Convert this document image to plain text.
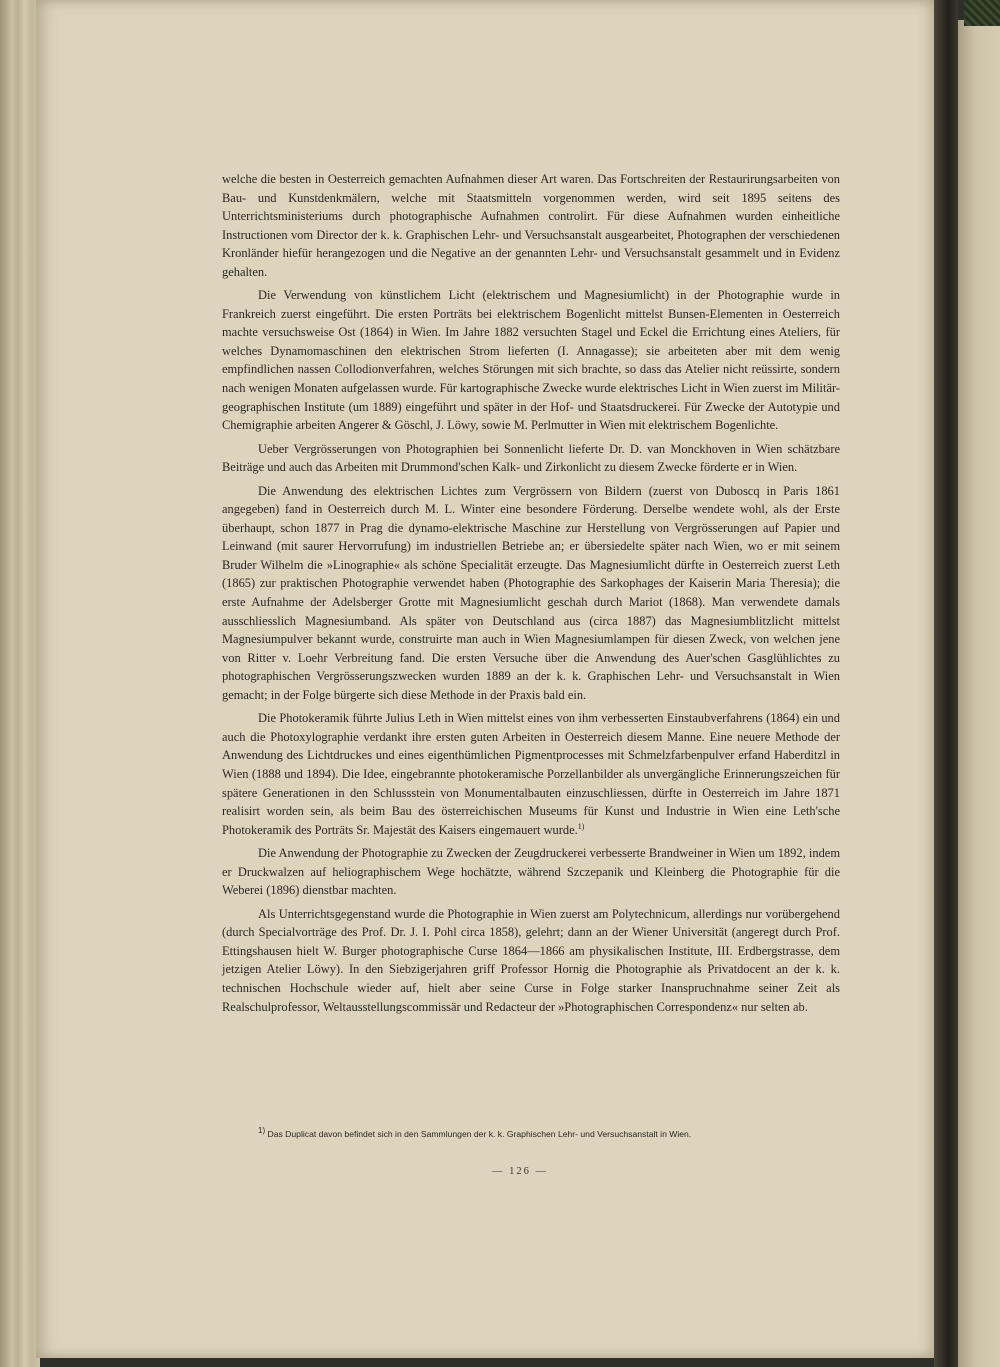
welche die besten in Oesterreich gemachten Aufnahmen dieser Art waren. Das Fortschreiten der Restaurirungsarbeiten von Bau- und Kunstdenkmälern, welche mit Staatsmitteln vorgenommen werden, wird seit 1895 seitens des Unterrichtsministeriums durch photographische Aufnahmen controlirt. Für diese Aufnahmen wurden einheitliche Instructionen vom Director der k. k. Graphischen Lehr- und Versuchsanstalt ausgearbeitet, Photographen der verschiedenen Kronländer hiefür herangezogen und die Negative an der genannten Lehr- und Versuchsanstalt gesammelt und in Evidenz gehalten.

Die Verwendung von künstlichem Licht (elektrischem und Magnesiumlicht) in der Photographie wurde in Frankreich zuerst eingeführt. Die ersten Porträts bei elektrischem Bogenlicht mittelst Bunsen-Elementen in Oesterreich machte versuchsweise Ost (1864) in Wien. Im Jahre 1882 versuchten Stagel und Eckel die Errichtung eines Ateliers, für welches Dynamomaschinen den elektrischen Strom lieferten (I. Annagasse); sie arbeiteten aber mit dem wenig empfindlichen nassen Collodionverfahren, welches Störungen mit sich brachte, so dass das Atelier nicht reüssirte, sondern nach wenigen Monaten aufgelassen wurde. Für kartographische Zwecke wurde elektrisches Licht in Wien zuerst im Militär-geographischen Institute (um 1889) eingeführt und später in der Hof- und Staatsdruckerei. Für Zwecke der Autotypie und Chemigraphie arbeiten Angerer & Göschl, J. Löwy, sowie M. Perlmutter in Wien mit elektrischem Bogenlichte.

Ueber Vergrösserungen von Photographien bei Sonnenlicht lieferte Dr. D. van Monckhoven in Wien schätzbare Beiträge und auch das Arbeiten mit Drummond'schen Kalk- und Zirkonlicht zu diesem Zwecke förderte er in Wien.

Die Anwendung des elektrischen Lichtes zum Vergrössern von Bildern (zuerst von Duboscq in Paris 1861 angegeben) fand in Oesterreich durch M. L. Winter eine besondere Förderung. Derselbe wendete wohl, als der Erste überhaupt, schon 1877 in Prag die dynamo-elektrische Maschine zur Herstellung von Vergrösserungen auf Papier und Leinwand (mit saurer Hervorrufung) im industriellen Betriebe an; er übersiedelte später nach Wien, wo er mit seinem Bruder Wilhelm die »Linographie« als schöne Specialität erzeugte. Das Magnesiumlicht dürfte in Oesterreich zuerst Leth (1865) zur praktischen Photographie verwendet haben (Photographie des Sarkophages der Kaiserin Maria Theresia); die erste Aufnahme der Adelsberger Grotte mit Magnesiumlicht geschah durch Mariot (1868). Man verwendete damals ausschliesslich Magnesiumband. Als später von Deutschland aus (circa 1887) das Magnesiumblitzlicht mittelst Magnesiumpulver bekannt wurde, construirte man auch in Wien Magnesiumlampen für diesen Zweck, von welchen jene von Ritter v. Loehr Verbreitung fand. Die ersten Versuche über die Anwendung des Auer'schen Gasglühlichtes zu photographischen Vergrösserungszwecken wurden 1889 an der k. k. Graphischen Lehr- und Versuchsanstalt in Wien gemacht; in der Folge bürgerte sich diese Methode in der Praxis bald ein.

Die Photokeramik führte Julius Leth in Wien mittelst eines von ihm verbesserten Einstaubverfahrens (1864) ein und auch die Photoxylographie verdankt ihre ersten guten Arbeiten in Oesterreich diesem Manne. Eine neuere Methode der Anwendung des Lichtdruckes und eines eigenthümlichen Pigmentprocesses mit Schmelzfarbenpulver erfand Haberditzl in Wien (1888 und 1894). Die Idee, eingebrannte photokeramische Porzellanbilder als unvergängliche Erinnerungszeichen für spätere Generationen in den Schlussstein von Monumentalbauten einzuschliessen, dürfte in Oesterreich im Jahre 1871 realisirt worden sein, als beim Bau des österreichischen Museums für Kunst und Industrie in Wien eine Leth'sche Photokeramik des Porträts Sr. Majestät des Kaisers eingemauert wurde.$^{1)}$

Die Anwendung der Photographie zu Zwecken der Zeugdruckerei verbesserte Brandweiner in Wien um 1892, indem er Druckwalzen auf heliographischem Wege hochätzte, während Szczepanik und Kleinberg die Photographie für die Weberei (1896) dienstbar machten.

Als Unterrichtsgegenstand wurde die Photographie in Wien zuerst am Polytechnicum, allerdings nur vorübergehend (durch Specialvorträge des Prof. Dr. J. I. Pohl circa 1858), gelehrt; dann an der Wiener Universität (angeregt durch Prof. Ettingshausen hielt W. Burger photographische Curse 1864—1866 am physikalischen Institute, III. Erdbergstrasse, dem jetzigen Atelier Löwy). In den Siebzigerjahren griff Professor Hornig die Photographie als Privatdocent an der k. k. technischen Hochschule wieder auf, hielt aber seine Curse in Folge starker Inanspruchnahme seiner Zeit als Realschulprofessor, Weltausstellungscommissär und Redacteur der »Photographischen Correspondenz« nur selten ab.

1) Das Duplicat davon befindet sich in den Sammlungen der k. k. Graphischen Lehr- und Versuchsanstalt in Wien.
— 126 —
